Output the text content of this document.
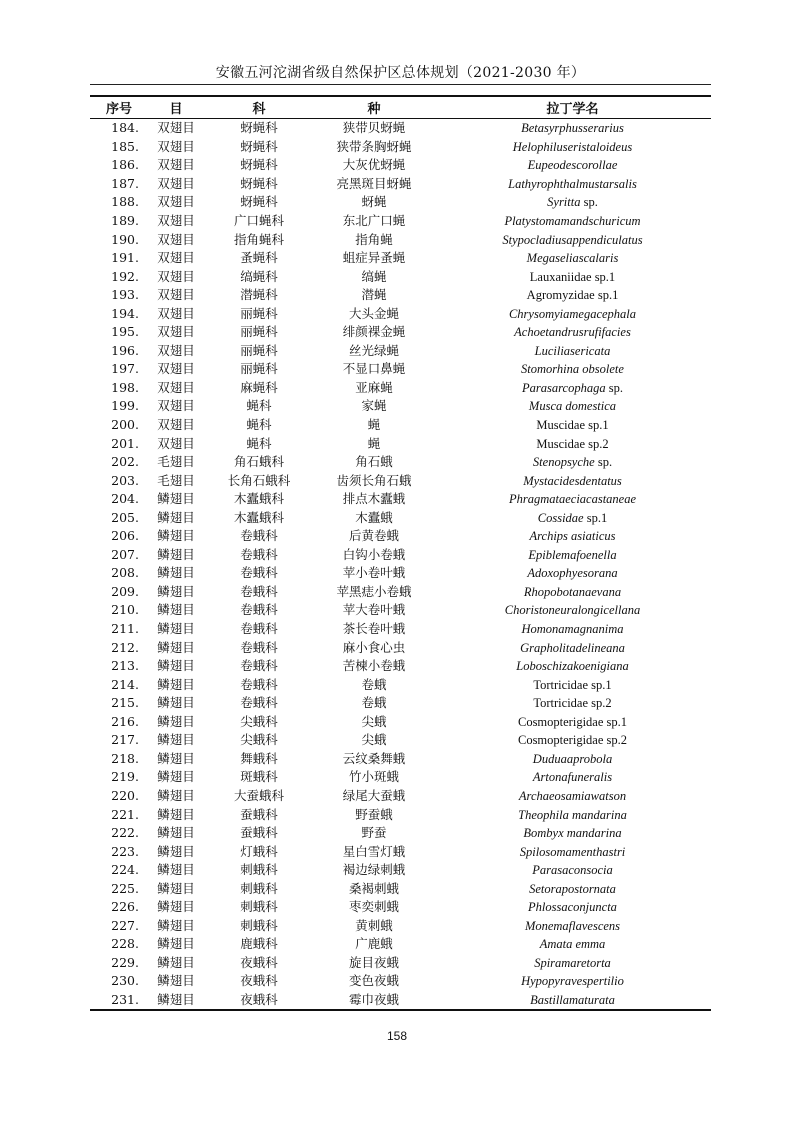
安徽五河沱湖省级自然保护区总体规划（2021-2030 年）
序号	目	科	种	拉丁学名
184.	双翅目	蚜蝇科	狭带贝蚜蝇	Betasyrphusserarius
185.	双翅目	蚜蝇科	狭带条胸蚜蝇	Helophiluseristaloideus
186.	双翅目	蚜蝇科	大灰优蚜蝇	Eupeodescorollae
187.	双翅目	蚜蝇科	亮黑斑目蚜蝇	Lathyrophthalmustarsalis
188.	双翅目	蚜蝇科	蚜蝇	Syritta sp.
189.	双翅目	广口蝇科	东北广口蝇	Platystomamandschuricum
190.	双翅目	指角蝇科	指角蝇	Stypocladiusappendiculatus
191.	双翅目	蚤蝇科	蛆症异蚤蝇	Megaseliascalaris
192.	双翅目	缟蝇科	缟蝇	Lauxaniidae sp.1
193.	双翅目	潜蝇科	潜蝇	Agromyzidae sp.1
194.	双翅目	丽蝇科	大头金蝇	Chrysomyiamegacephala
195.	双翅目	丽蝇科	绯颜裸金蝇	Achoetandrusrufifacies
196.	双翅目	丽蝇科	丝光绿蝇	Luciliasericata
197.	双翅目	丽蝇科	不显口鼻蝇	Stomorhina obsolete
198.	双翅目	麻蝇科	亚麻蝇	Parasarcophaga sp.
199.	双翅目	蝇科	家蝇	Musca domestica
200.	双翅目	蝇科	蝇	Muscidae sp.1
201.	双翅目	蝇科	蝇	Muscidae sp.2
202.	毛翅目	角石蛾科	角石蛾	Stenopsyche sp.
203.	毛翅目	长角石蛾科	齿须长角石蛾	Mystacidesdentatus
204.	鳞翅目	木蠹蛾科	排点木蠹蛾	Phragmataeciacastaneae
205.	鳞翅目	木蠹蛾科	木蠹蛾	Cossidae sp.1
206.	鳞翅目	卷蛾科	后黄卷蛾	Archips asiaticus
207.	鳞翅目	卷蛾科	白钩小卷蛾	Epiblemafoenella
208.	鳞翅目	卷蛾科	苹小卷叶蛾	Adoxophyesorana
209.	鳞翅目	卷蛾科	苹黑痣小卷蛾	Rhopobotanaevana
210.	鳞翅目	卷蛾科	苹大卷叶蛾	Choristoneuralongicellana
211.	鳞翅目	卷蛾科	茶长卷叶蛾	Homonamagnanima
212.	鳞翅目	卷蛾科	麻小食心虫	Grapholitadelineana
213.	鳞翅目	卷蛾科	苦楝小卷蛾	Loboschizakoenigiana
214.	鳞翅目	卷蛾科	卷蛾	Tortricidae sp.1
215.	鳞翅目	卷蛾科	卷蛾	Tortricidae sp.2
216.	鳞翅目	尖蛾科	尖蛾	Cosmopterigidae sp.1
217.	鳞翅目	尖蛾科	尖蛾	Cosmopterigidae sp.2
218.	鳞翅目	舞蛾科	云纹桑舞蛾	Duduaaprobola
219.	鳞翅目	斑蛾科	竹小斑蛾	Artonafuneralis
220.	鳞翅目	大蚕蛾科	绿尾大蚕蛾	Archaeosamiawatson
221.	鳞翅目	蚕蛾科	野蚕蛾	Theophila mandarina
222.	鳞翅目	蚕蛾科	野蚕	Bombyx mandarina
223.	鳞翅目	灯蛾科	星白雪灯蛾	Spilosomamenthastri
224.	鳞翅目	刺蛾科	褐边绿刺蛾	Parasaconsocia
225.	鳞翅目	刺蛾科	桑褐刺蛾	Setorapostornata
226.	鳞翅目	刺蛾科	枣奕刺蛾	Phlossaconjuncta
227.	鳞翅目	刺蛾科	黄刺蛾	Monemaflavescens
228.	鳞翅目	鹿蛾科	广鹿蛾	Amata emma
229.	鳞翅目	夜蛾科	旋目夜蛾	Spiramaretorta
230.	鳞翅目	夜蛾科	变色夜蛾	Hypopyravespertilio
231.	鳞翅目	夜蛾科	霉巾夜蛾	Bastillamaturata
158
